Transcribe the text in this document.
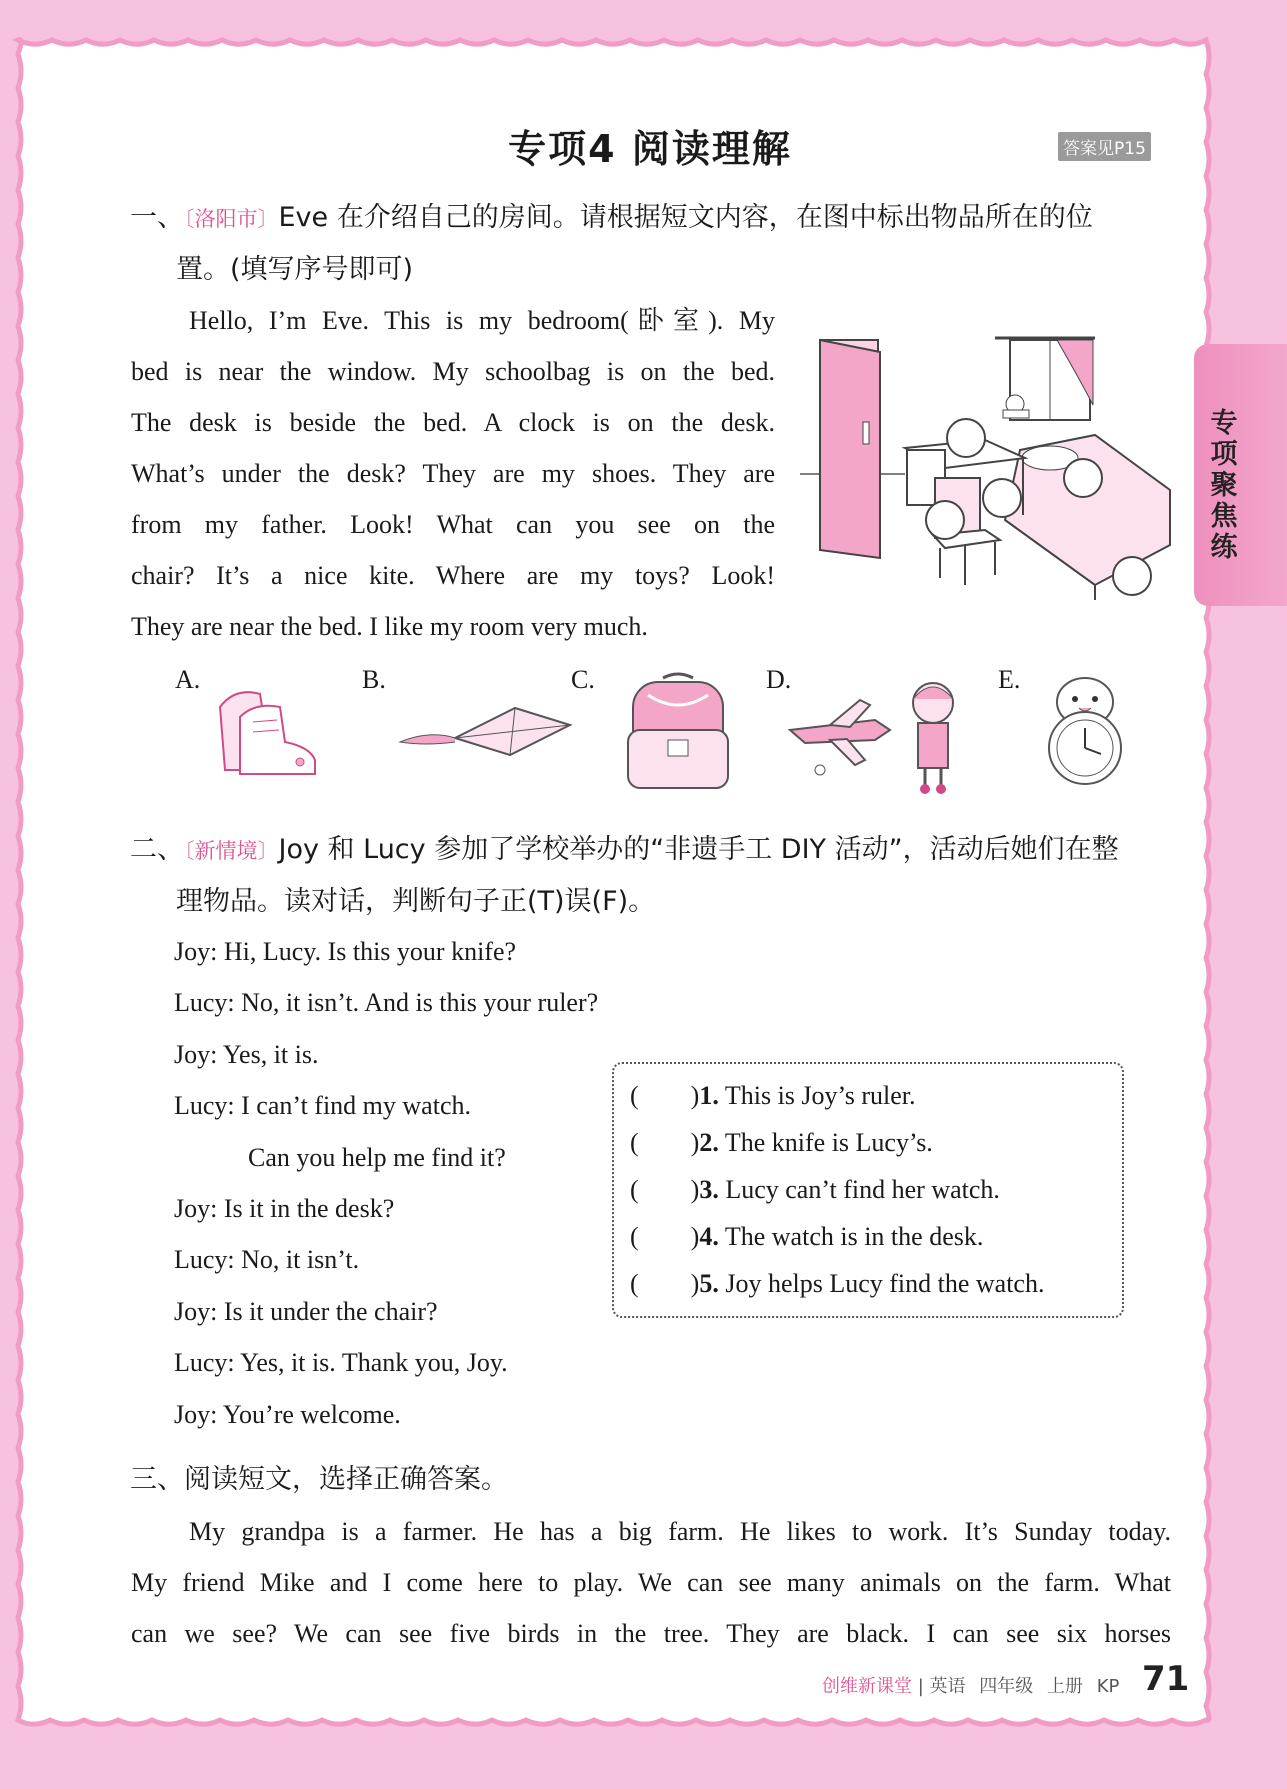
专项4 阅读理解	答案见P15
专项聚焦练
一、〔洛阳市〕Eve 在介绍自己的房间。请根据短文内容，在图中标出物品所在的位
置。(填写序号即可)
Hello, I’m Eve. This is my bedroom(卧室). My
bed is near the window. My schoolbag is on the bed.
The desk is beside the bed. A clock is on the desk.
What’s under the desk? They are my shoes. They are
from my father. Look! What can you see on the
chair? It’s a nice kite. Where are my toys? Look!
They are near the bed. I like my room very much.
A.	B.	C.	D.	E.
二、〔新情境〕Joy 和 Lucy 参加了学校举办的“非遗手工 DIY 活动”，活动后她们在整
理物品。读对话，判断句子正(T)误(F)。
Joy: Hi, Lucy. Is this your knife?
Lucy: No, it isn’t. And is this your ruler?
Joy: Yes, it is.
Lucy: I can’t find my watch.
Can you help me find it?
Joy: Is it in the desk?
Lucy: No, it isn’t.
Joy: Is it under the chair?
Lucy: Yes, it is. Thank you, Joy.
Joy: You’re welcome.
(        )1. This is Joy’s ruler.
(        )2. The knife is Lucy’s.
(        )3. Lucy can’t find her watch.
(        )4. The watch is in the desk.
(        )5. Joy helps Lucy find the watch.
三、阅读短文，选择正确答案。
My grandpa is a farmer. He has a big farm. He likes to work. It’s Sunday today.
My friend Mike and I come here to play. We can see many animals on the farm. What
can we see? We can see five birds in the tree. They are black. I can see six horses
创维新课堂 | 英语 四年级 上册 KP 71
